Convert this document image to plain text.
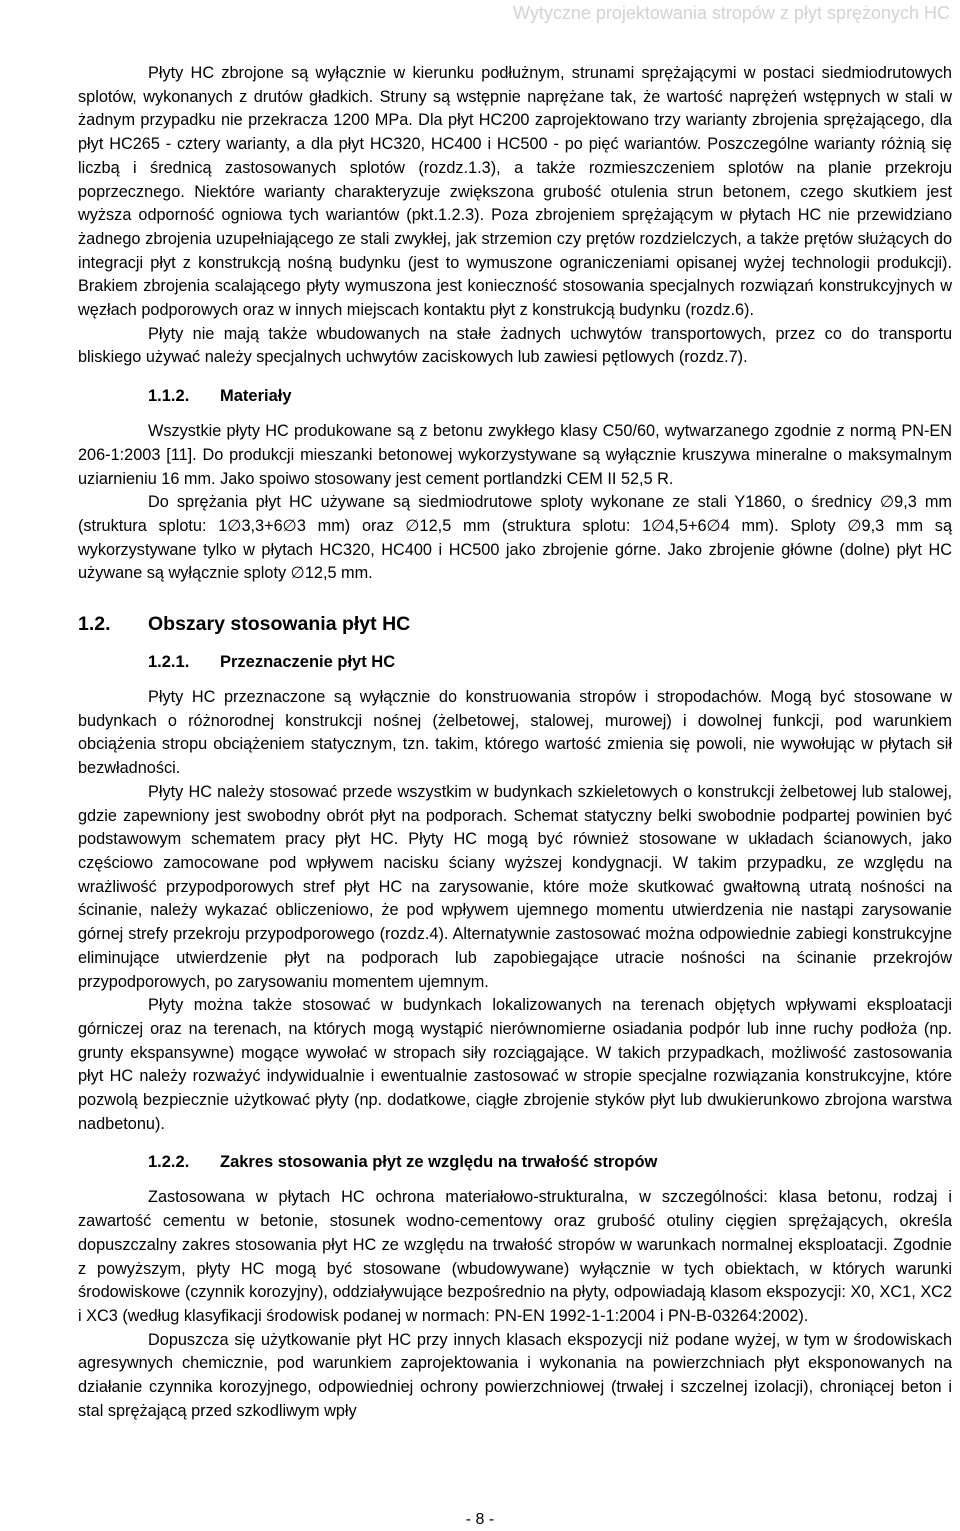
Wytyczne projektowania stropów z płyt sprężonych HC

Płyty HC zbrojone są wyłącznie w kierunku podłużnym, strunami sprężającymi w postaci siedmiodrutowych splotów, wykonanych z drutów gładkich. Struny są wstępnie naprężane tak, że wartość naprężeń wstępnych w stali w żadnym przypadku nie przekracza 1200 MPa. Dla płyt HC200 zaprojektowano trzy warianty zbrojenia sprężającego, dla płyt HC265 - cztery warianty, a dla płyt HC320, HC400 i HC500 - po pięć wariantów. Poszczególne warianty różnią się liczbą i średnicą zastosowanych splotów (rozdz.1.3), a także rozmieszczeniem splotów na planie przekroju poprzecznego. Niektóre warianty charakteryzuje zwiększona grubość otulenia strun betonem, czego skutkiem jest wyższa odporność ogniowa tych wariantów (pkt.1.2.3). Poza zbrojeniem sprężającym w płytach HC nie przewidziano żadnego zbrojenia uzupełniającego ze stali zwykłej, jak strzemion czy prętów rozdzielczych, a także prętów służących do integracji płyt z konstrukcją nośną budynku (jest to wymuszone ograniczeniami opisanej wyżej technologii produkcji). Brakiem zbrojenia scalającego płyty wymuszona jest konieczność stosowania specjalnych rozwiązań konstrukcyjnych w węzłach podporowych oraz w innych miejscach kontaktu płyt z konstrukcją budynku (rozdz.6).

Płyty nie mają także wbudowanych na stałe żadnych uchwytów transportowych, przez co do transportu bliskiego używać należy specjalnych uchwytów zaciskowych lub zawiesi pętlowych (rozdz.7).

1.1.2. Materiały

Wszystkie płyty HC produkowane są z betonu zwykłego klasy C50/60, wytwarzanego zgodnie z normą PN-EN 206-1:2003 [11]. Do produkcji mieszanki betonowej wykorzystywane są wyłącznie kruszywa mineralne o maksymalnym uziarnieniu 16 mm. Jako spoiwo stosowany jest cement portlandzki CEM II 52,5 R.

Do sprężania płyt HC używane są siedmiodrutowe sploty wykonane ze stali Y1860, o średnicy ∅9,3 mm (struktura splotu: 1∅3,3+6∅3 mm) oraz ∅12,5 mm (struktura splotu: 1∅4,5+6∅4 mm). Sploty ∅9,3 mm są wykorzystywane tylko w płytach HC320, HC400 i HC500 jako zbrojenie górne. Jako zbrojenie główne (dolne) płyt HC używane są wyłącznie sploty ∅12,5 mm.

1.2. Obszary stosowania płyt HC
1.2.1. Przeznaczenie płyt HC

Płyty HC przeznaczone są wyłącznie do konstruowania stropów i stropodachów. Mogą być stosowane w budynkach o różnorodnej konstrukcji nośnej (żelbetowej, stalowej, murowej) i dowolnej funkcji, pod warunkiem obciążenia stropu obciążeniem statycznym, tzn. takim, którego wartość zmienia się powoli, nie wywołując w płytach sił bezwładności.

Płyty HC należy stosować przede wszystkim w budynkach szkieletowych o konstrukcji żelbetowej lub stalowej, gdzie zapewniony jest swobodny obrót płyt na podporach. Schemat statyczny belki swobodnie podpartej powinien być podstawowym schematem pracy płyt HC. Płyty HC mogą być również stosowane w układach ścianowych, jako częściowo zamocowane pod wpływem nacisku ściany wyższej kondygnacji. W takim przypadku, ze względu na wrażliwość przypodporowych stref płyt HC na zarysowanie, które może skutkować gwałtowną utratą nośności na ścinanie, należy wykazać obliczeniowo, że pod wpływem ujemnego momentu utwierdzenia nie nastąpi zarysowanie górnej strefy przekroju przypodporowego (rozdz.4). Alternatywnie zastosować można odpowiednie zabiegi konstrukcyjne eliminujące utwierdzenie płyt na podporach lub zapobiegające utracie nośności na ścinanie przekrojów przypodporowych, po zarysowaniu momentem ujemnym.

Płyty można także stosować w budynkach lokalizowanych na terenach objętych wpływami eksploatacji górniczej oraz na terenach, na których mogą wystąpić nierównomierne osiadania podpór lub inne ruchy podłoża (np. grunty ekspansywne) mogące wywołać w stropach siły rozciągające. W takich przypadkach, możliwość zastosowania płyt HC należy rozważyć indywidualnie i ewentualnie zastosować w stropie specjalne rozwiązania konstrukcyjne, które pozwolą bezpiecznie użytkować płyty (np. dodatkowe, ciągłe zbrojenie styków płyt lub dwukierunkowo zbrojona warstwa nadbetonu).

1.2.2. Zakres stosowania płyt ze względu na trwałość stropów

Zastosowana w płytach HC ochrona materiałowo-strukturalna, w szczególności: klasa betonu, rodzaj i zawartość cementu w betonie, stosunek wodno-cementowy oraz grubość otuliny cięgien sprężających, określa dopuszczalny zakres stosowania płyt HC ze względu na trwałość stropów w warunkach normalnej eksploatacji. Zgodnie z powyższym, płyty HC mogą być stosowane (wbudowywane) wyłącznie w tych obiektach, w których warunki środowiskowe (czynnik korozyjny), oddziaływujące bezpośrednio na płyty, odpowiadają klasom ekspozycji: X0, XC1, XC2 i XC3 (według klasyfikacji środowisk podanej w normach: PN-EN 1992-1-1:2004 i PN-B-03264:2002).

Dopuszcza się użytkowanie płyt HC przy innych klasach ekspozycji niż podane wyżej, w tym w środowiskach agresywnych chemicznie, pod warunkiem zaprojektowania i wykonania na powierzchniach płyt eksponowanych na działanie czynnika korozyjnego, odpowiedniej ochrony powierzchniowej (trwałej i szczelnej izolacji), chroniącej beton i stal sprężającą przed szkodliwym wpły

- 8 -
